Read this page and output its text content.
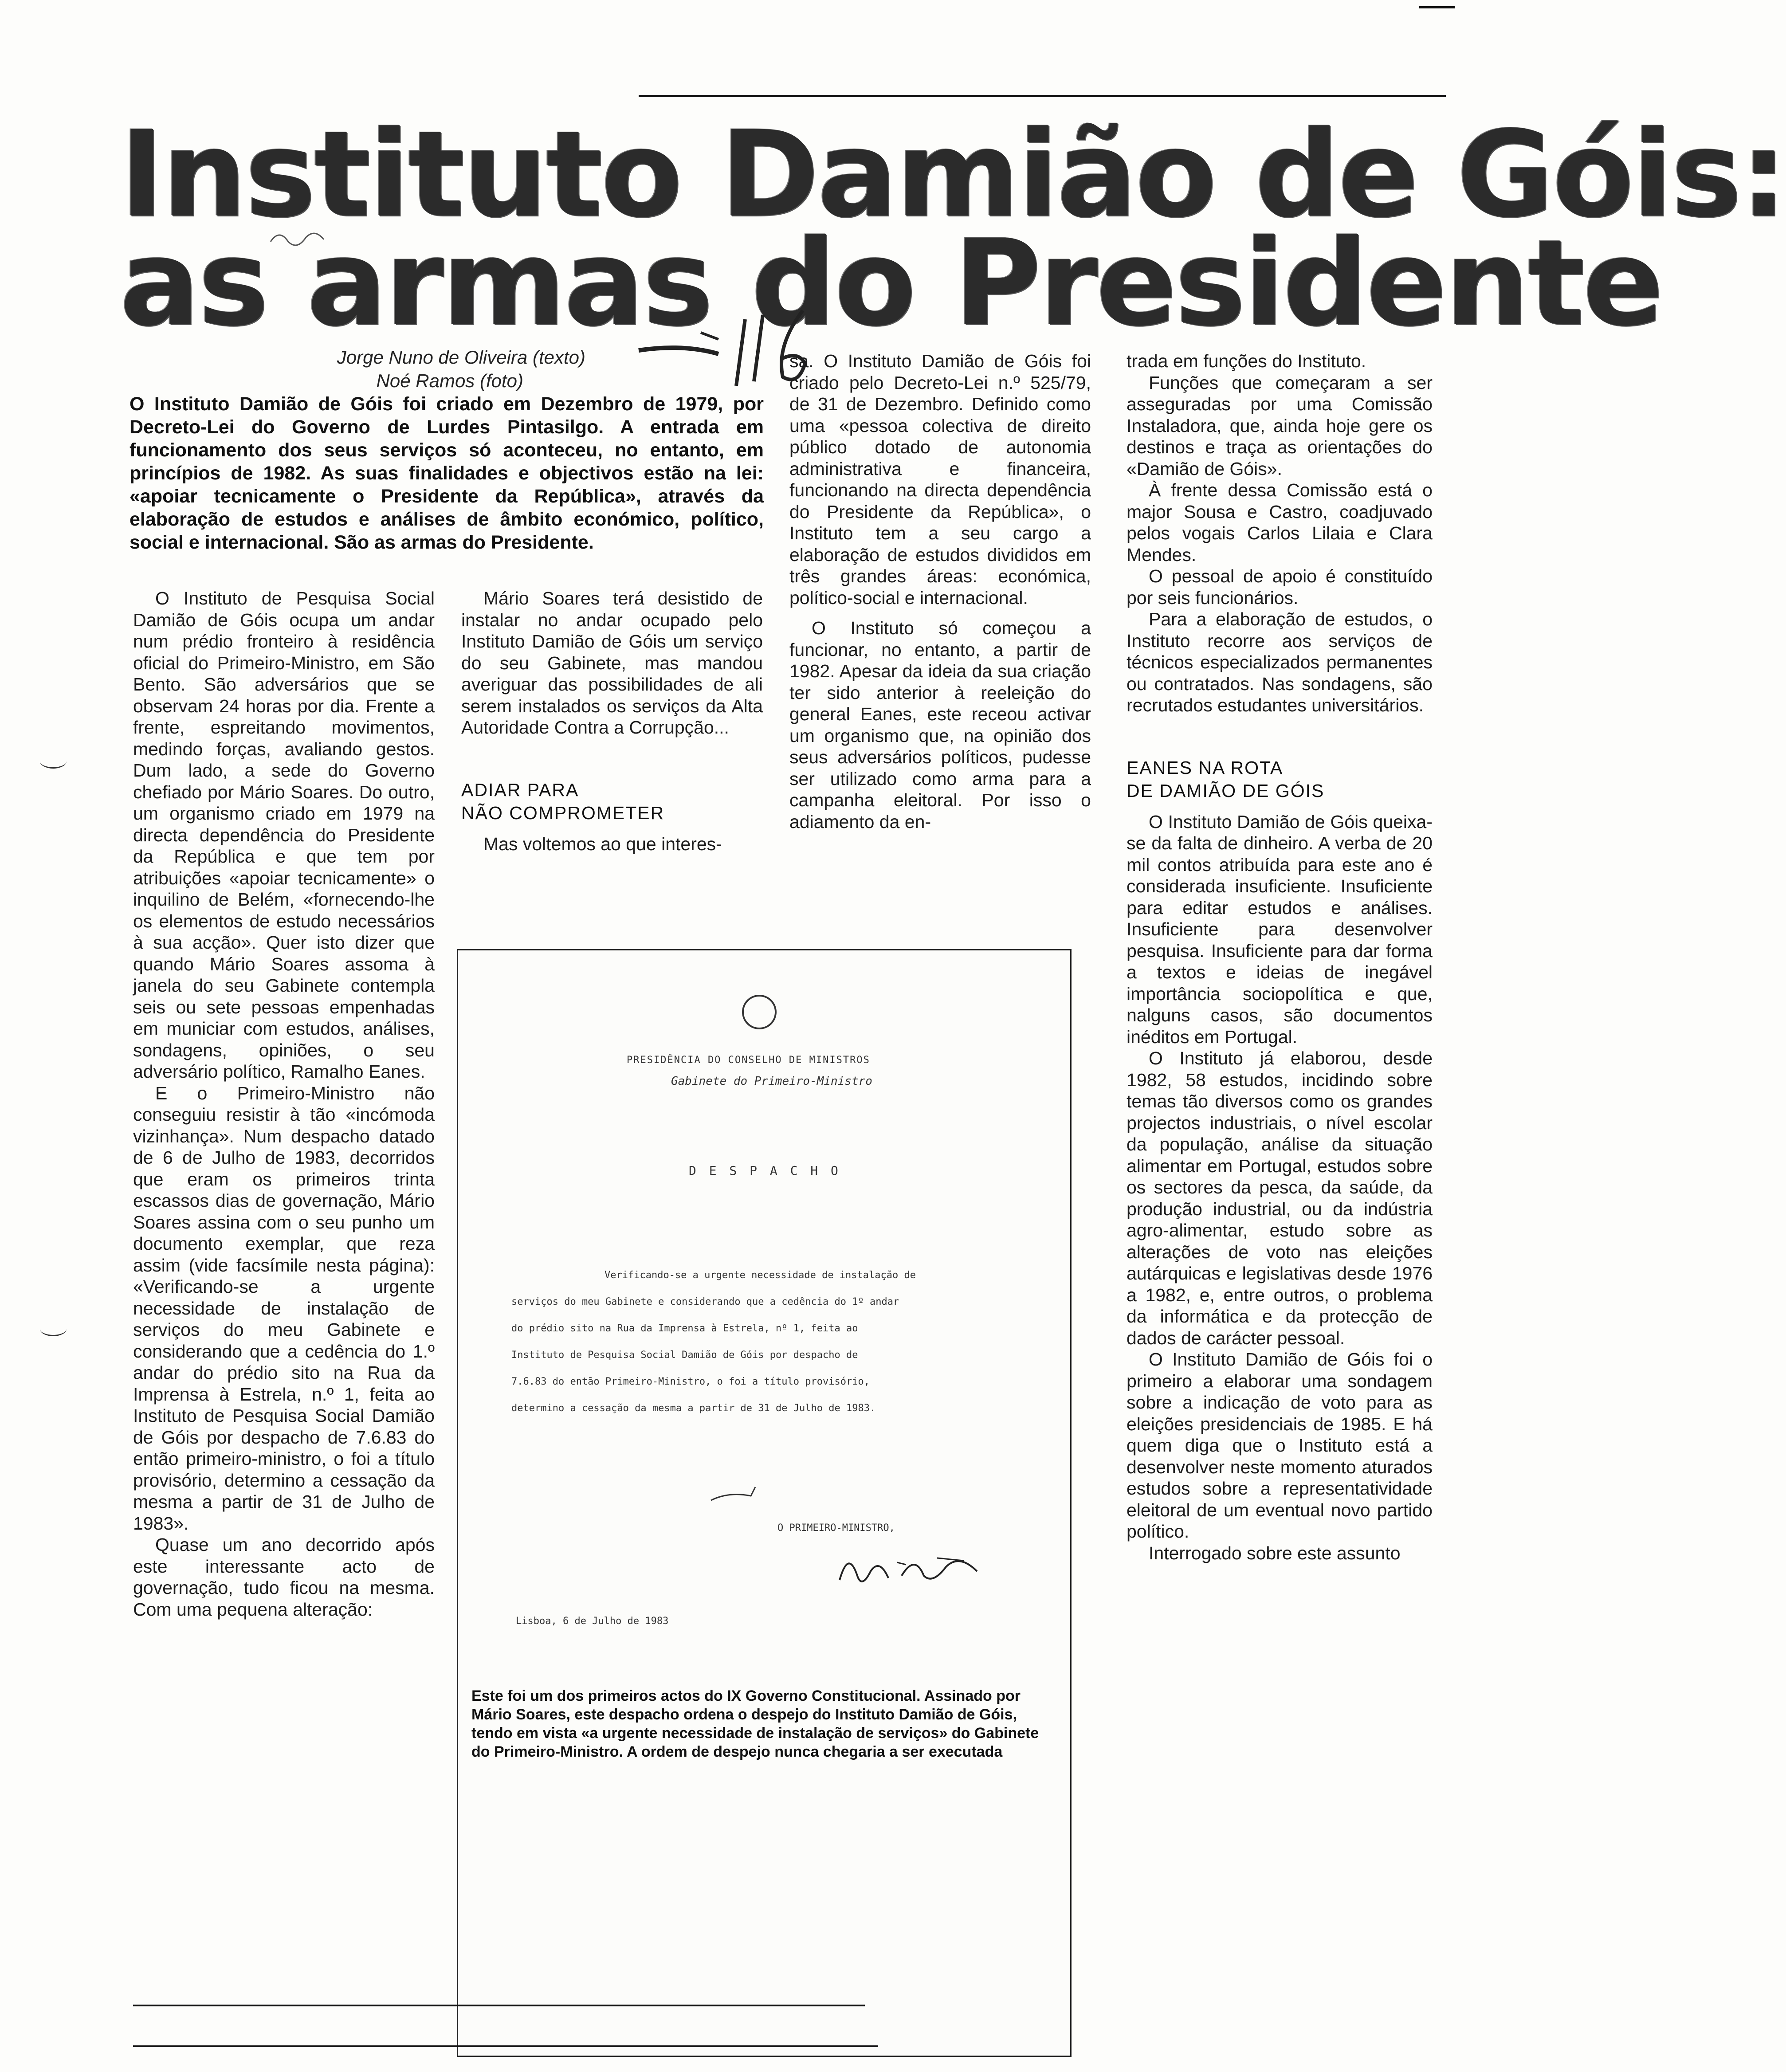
Instituto Damião de Góis:
as armas do Presidente
Jorge Nuno de Oliveira (texto)
Noé Ramos (foto)
O Instituto Damião de Góis foi criado em Dezembro de 1979, por Decreto-Lei do Governo de Lurdes Pintasilgo. A entrada em funcionamento dos seus serviços só aconteceu, no entanto, em princípios de 1982. As suas finalidades e objectivos estão na lei: «apoiar tecnicamente o Presidente da República», através da elaboração de estudos e análises de âmbito económico, político, social e internacional. São as armas do Presidente.

O Instituto de Pesquisa Social Damião de Góis ocupa um andar num prédio fronteiro à residência oficial do Primeiro-Ministro, em São Bento. São adversários que se observam 24 horas por dia. Frente a frente, espreitando movimentos, medindo forças, avaliando gestos. Dum lado, a sede do Governo chefiado por Mário Soares. Do outro, um organismo criado em 1979 na directa dependência do Presidente da República e que tem por atribuições «apoiar tecnicamente» o inquilino de Belém, «fornecendo-lhe os elementos de estudo necessários à sua acção». Quer isto dizer que quando Mário Soares assoma à janela do seu Gabinete contempla seis ou sete pessoas empenhadas em municiar com estudos, análises, sondagens, opiniões, o seu adversário político, Ramalho Eanes.

E o Primeiro-Ministro não conseguiu resistir à tão «incómoda vizinhança». Num despacho datado de 6 de Julho de 1983, decorridos que eram os primeiros trinta escassos dias de governação, Mário Soares assina com o seu punho um documento exemplar, que reza assim (vide facsímile nesta página): «Verificando-se a urgente necessidade de instalação de serviços do meu Gabinete e considerando que a cedência do 1.º andar do prédio sito na Rua da Imprensa à Estrela, n.º 1, feita ao Instituto de Pesquisa Social Damião de Góis por despacho de 7.6.83 do então primeiro-ministro, o foi a título provisório, determino a cessação da mesma a partir de 31 de Julho de 1983».

Quase um ano decorrido após este interessante acto de governação, tudo ficou na mesma. Com uma pequena alteração:

Mário Soares terá desistido de instalar no andar ocupado pelo Instituto Damião de Góis um serviço do seu Gabinete, mas mandou averiguar das possibilidades de ali serem instalados os serviços da Alta Autoridade Contra a Corrupção...

ADIAR PARA
NÃO COMPROMETER

Mas voltemos ao que interes-

sa. O Instituto Damião de Góis foi criado pelo Decreto-Lei n.º 525/79, de 31 de Dezembro. Definido como uma «pessoa colectiva de direito público dotado de autonomia administrativa e financeira, funcionando na directa dependência do Presidente da República», o Instituto tem a seu cargo a elaboração de estudos divididos em três grandes áreas: económica, político-social e internacional.

O Instituto só começou a funcionar, no entanto, a partir de 1982. Apesar da ideia da sua criação ter sido anterior à reeleição do general Eanes, este receou activar um organismo que, na opinião dos seus adversários políticos, pudesse ser utilizado como arma para a campanha eleitoral. Por isso o adiamento da en-

trada em funções do Instituto.

Funções que começaram a ser asseguradas por uma Comissão Instaladora, que, ainda hoje gere os destinos e traça as orientações do «Damião de Góis».

À frente dessa Comissão está o major Sousa e Castro, coadjuvado pelos vogais Carlos Lilaia e Clara Mendes.

O pessoal de apoio é constituído por seis funcionários.

Para a elaboração de estudos, o Instituto recorre aos serviços de técnicos especializados permanentes ou contratados. Nas sondagens, são recrutados estudantes universitários.

EANES NA ROTA
DE DAMIÃO DE GÓIS

O Instituto Damião de Góis queixa-se da falta de dinheiro. A verba de 20 mil contos atribuída para este ano é considerada insuficiente. Insuficiente para editar estudos e análises. Insuficiente para desenvolver pesquisa. Insuficiente para dar forma a textos e ideias de inegável importância sociopolítica e que, nalguns casos, são documentos inéditos em Portugal.

O Instituto já elaborou, desde 1982, 58 estudos, incidindo sobre temas tão diversos como os grandes projectos industriais, o nível escolar da população, análise da situação alimentar em Portugal, estudos sobre os sectores da pesca, da saúde, da produção industrial, ou da indústria agro-alimentar, estudo sobre as alterações de voto nas eleições autárquicas e legislativas desde 1976 a 1982, e, entre outros, o problema da informática e da protecção de dados de carácter pessoal.

O Instituto Damião de Góis foi o primeiro a elaborar uma sondagem sobre a indicação de voto para as eleições presidenciais de 1985. E há quem diga que o Instituto está a desenvolver neste momento aturados estudos sobre a representatividade eleitoral de um eventual novo partido político.

Interrogado sobre este assunto

PRESIDÊNCIA DO CONSELHO DE MINISTROS
Gabinete do Primeiro-Ministro
D E S P A C H O
Verificando-se a urgente necessidade de instalação de
serviços do meu Gabinete e considerando que a cedência do 1º andar
do prédio sito na Rua da Imprensa à Estrela, nº 1, feita ao
Instituto de Pesquisa Social Damião de Góis por despacho de
7.6.83 do então Primeiro-Ministro, o foi a título provisório,
determino a cessação da mesma a partir de 31 de Julho de 1983.
O PRIMEIRO-MINISTRO,
Lisboa, 6 de Julho de 1983
Este foi um dos primeiros actos do IX Governo Constitucional. Assinado por Mário Soares, este despacho ordena o despejo do Instituto Damião de Góis, tendo em vista «a urgente necessidade de instalação de serviços» do Gabinete do Primeiro-Ministro. A ordem de despejo nunca chegaria a ser executada
